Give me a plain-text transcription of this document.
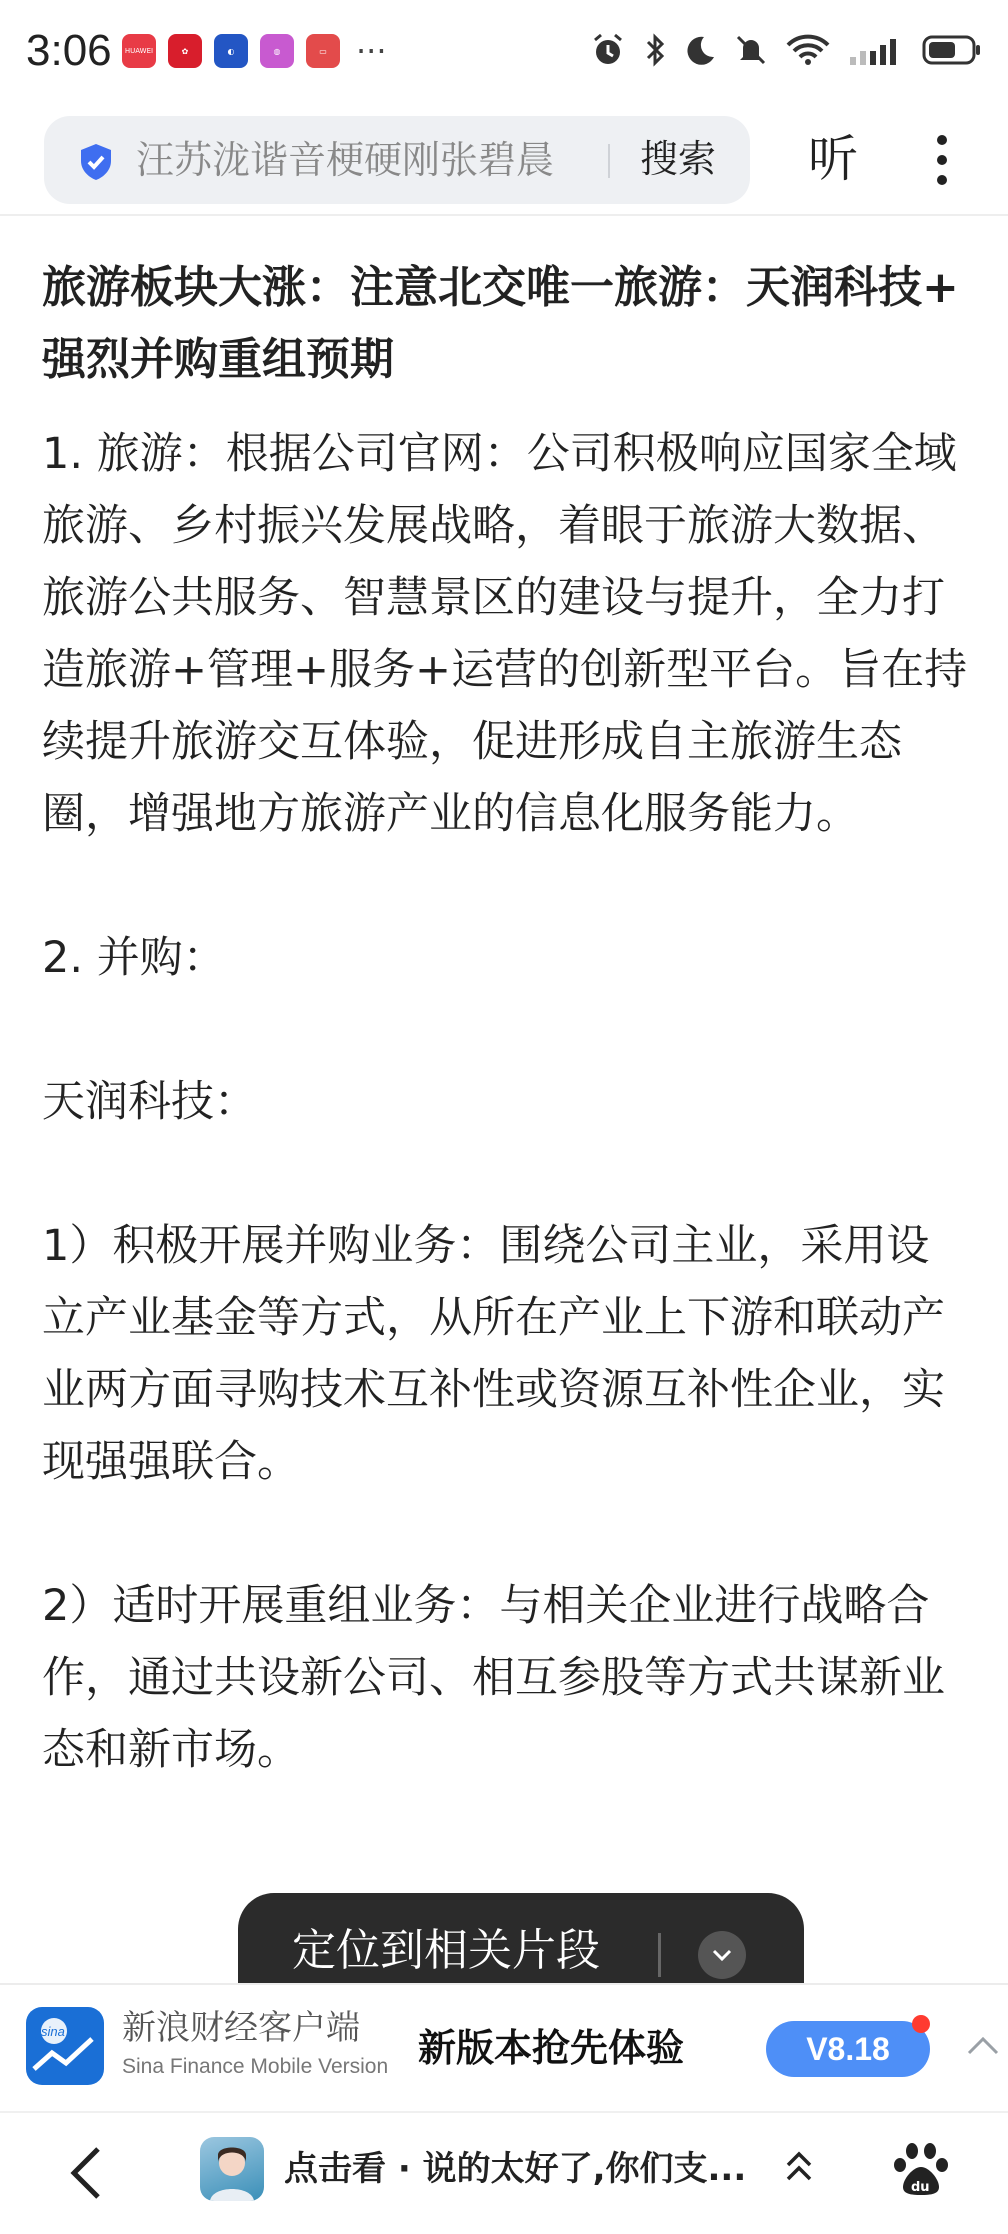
3:06 HUAWEI	✿	◐	◍	▭ ···
汪苏泷谐音梗硬刚张碧晨	搜索 听
旅游板块大涨：注意北交唯一旅游：天润科技+ 强烈并购重组预期

1. 旅游：根据公司官网：公司积极响应国家全域旅游、乡村振兴发展战略，着眼于旅游大数据、旅游公共服务、智慧景区的建设与提升，全力打造旅游+管理+服务+运营的创新型平台。旨在持续提升旅游交互体验，促进形成自主旅游生态圈，增强地方旅游产业的信息化服务能力。

2. 并购：

天润科技：

1）积极开展并购业务：围绕公司主业，采用设立产业基金等方式，从所在产业上下游和联动产业两方面寻购技术互补性或资源互补性企业，实现强强联合。

2）适时开展重组业务：与相关企业进行战略合作，通过共设新公司、相互参股等方式共谋新业态和新市场。

定位到相关片段
sina 新浪财经客户端
Sina Finance Mobile Version 新版本抢先体验	V8.18
点击看 · 说的太好了,你们支...	du
